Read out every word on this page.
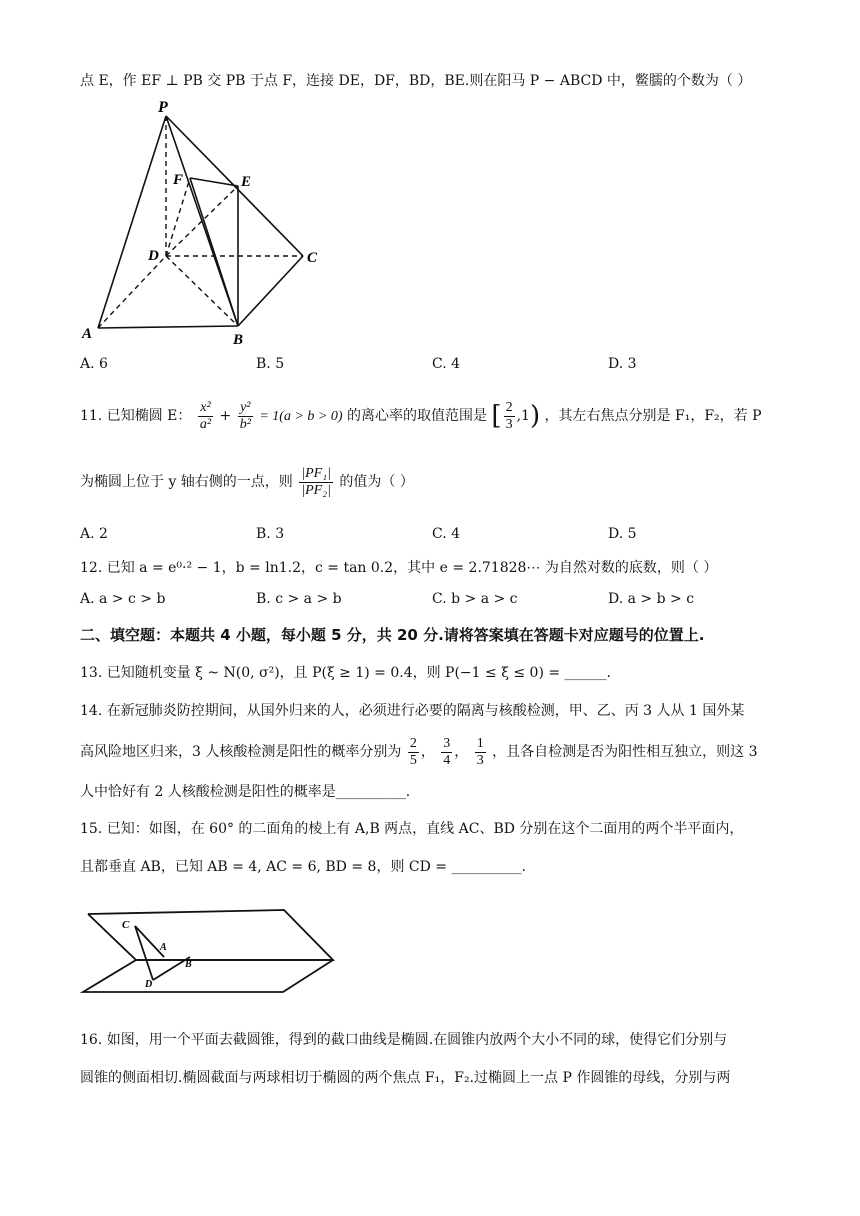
点 E，作 EF ⊥ PB 交 PB 于点 F，连接 DE，DF，BD，BE.则在阳马 P − ABCD 中，鳖臑的个数为（ ）
P
F	E
D	C
A	B
A. 6	B. 5	C. 4	D. 3
11. 已知椭圆 E： $\frac{\text{x²}}{\text{a²}} + \frac{\text{y²}}{\text{b²}} = 1(a > b > 0)$ 的离心率的取值范围是 [ $\frac{2}{3} ,1$) ，其左右焦点分别是 F₁，F₂，若 P
为椭圆上位于 y 轴右侧的一点，则 $\frac{\text{|PF₁|}}{\text{|PF₂|}}$ 的值为（ ）
A. 2	B. 3	C. 4	D. 5
12. 已知 a = e⁰·² − 1，b = ln1.2，c = tan 0.2，其中 e = 2.71828⋯ 为自然对数的底数，则（ ）
A. a > c > b	B. c > a > b	C. b > a > c	D. a > b > c
二、填空题：本题共 4 小题，每小题 5 分，共 20 分.请将答案填在答题卡对应题号的位置上.
13. 已知随机变量 ξ ~ N(0, σ²)，且 P(ξ ≥ 1) = 0.4，则 P(−1 ≤ ξ ≤ 0) = ______.
14. 在新冠肺炎防控期间，从国外归来的人，必须进行必要的隔离与核酸检测，甲、乙、丙 3 人从 1 国外某
高风险地区归来，3 人核酸检测是阳性的概率分别为 $\frac{2}{5}$ ， $\frac{3}{4}$ ， $\frac{1}{3}$ ，且各自检测是否为阳性相互独立，则这 3
人中恰好有 2 人核酸检测是阳性的概率是__________.
15. 已知：如图，在 60° 的二面角的棱上有 A,B 两点，直线 AC、BD 分别在这个二面用的两个半平面内，
且都垂直 AB，已知 AB = 4, AC = 6, BD = 8，则 CD = __________.
C
A
B
D
16. 如图，用一个平面去截圆锥，得到的截口曲线是椭圆.在圆锥内放两个大小不同的球，使得它们分别与
圆锥的侧面相切.椭圆截面与两球相切于椭圆的两个焦点 F₁，F₂.过椭圆上一点 P 作圆锥的母线，分别与两
